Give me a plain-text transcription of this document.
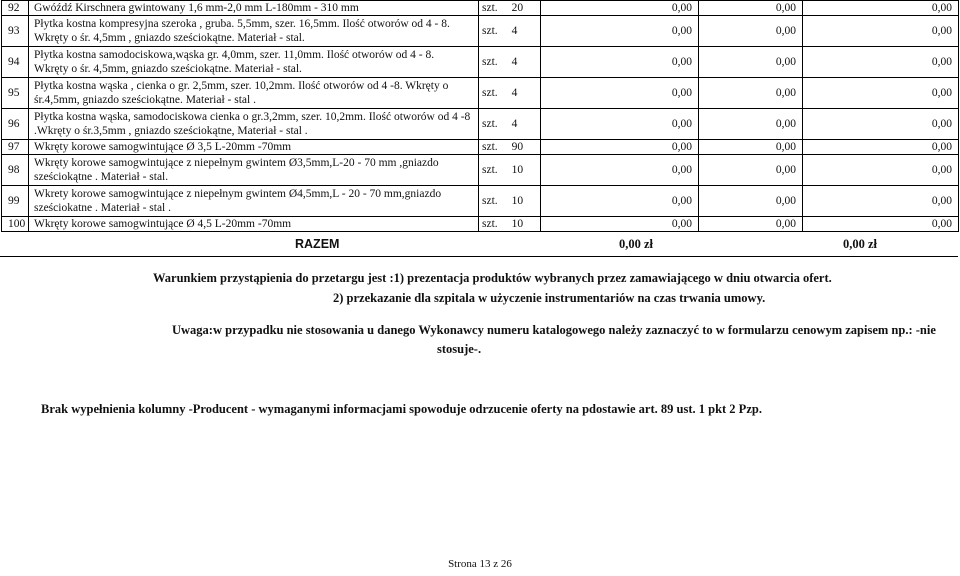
92	Gwóźdź Kirschnera gwintowany 1,6 mm-2,0 mm L-180mm - 310 mm	szt. 20	0,00	0,00	0,00
93	Płytka kostna kompresyjna szeroka , gruba. 5,5mm, szer. 16,5mm. Ilość otworów od 4 - 8.
Wkręty o śr. 4,5mm , gniazdo sześciokątne. Materiał - stal.	szt. 4	0,00	0,00	0,00
94	Płytka kostna samodociskowa,wąska gr. 4,0mm, szer. 11,0mm. Ilość otworów od 4 - 8.
Wkręty o śr. 4,5mm, gniazdo sześciokątne. Materiał - stal.	szt. 4	0,00	0,00	0,00
95	Płytka kostna wąska , cienka o gr. 2,5mm, szer. 10,2mm. Ilość otworów od 4 -8. Wkręty o
śr.4,5mm, gniazdo sześciokątne. Materiał - stal .	szt. 4	0,00	0,00	0,00
96	Płytka kostna wąska, samodociskowa cienka o gr.3,2mm, szer. 10,2mm. Ilość otworów od 4 -8
.Wkręty o śr.3,5mm , gniazdo sześciokątne, Materiał - stal .	szt. 4	0,00	0,00	0,00
97	Wkręty korowe samogwintujące Ø 3,5 L-20mm -70mm	szt. 90	0,00	0,00	0,00
98	Wkręty korowe samogwintujące z niepełnym gwintem Ø3,5mm,L-20 - 70 mm ,gniazdo
sześciokątne . Materiał - stal.	szt. 10	0,00	0,00	0,00
99	Wkrety korowe samogwintujące z niepełnym gwintem Ø4,5mm,L - 20 - 70 mm,gniazdo
sześciokatne . Materiał - stal .	szt. 10	0,00	0,00	0,00
100	Wkręty korowe samogwintujące Ø 4,5 L-20mm -70mm	szt. 10	0,00	0,00	0,00
RAZEM	0,00 zł	0,00 zł
Warunkiem przystąpienia do przetargu jest :1) prezentacja produktów wybranych przez zamawiającego w dniu otwarcia ofert.
2) przekazanie dla szpitala w użyczenie instrumentariów na czas trwania umowy.
Uwaga:w przypadku nie stosowania u danego Wykonawcy numeru katalogowego należy zaznaczyć to w formularzu cenowym zapisem np.: -nie
stosuje-.
Brak wypełnienia kolumny -Producent - wymaganymi informacjami spowoduje odrzucenie oferty na pdostawie art. 89 ust. 1 pkt 2 Pzp.
Strona 13 z 26
